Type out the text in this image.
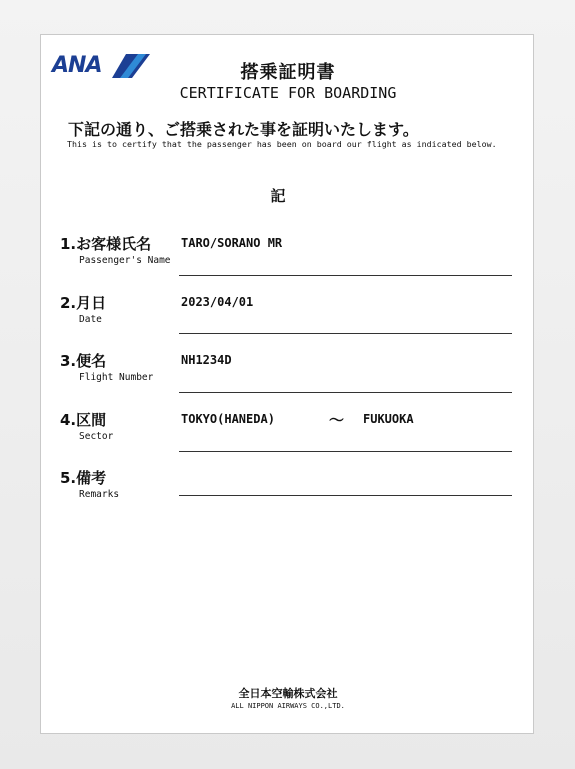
ANA	搭乗証明書
CERTIFICATE FOR BOARDING
下記の通り、ご搭乗された事を証明いたします。
This is to certify that the passenger has been on board our flight as indicated below.
記
1.お客様氏名
Passenger's Name
TARO/SORANO MR
2.月日
Date
2023/04/01
3.便名
Flight Number
NH1234D
4.区間
Sector
TOKYO(HANEDA)	～ FUKUOKA
5.備考
Remarks
全日本空輸株式会社
ALL NIPPON AIRWAYS CO.,LTD.
